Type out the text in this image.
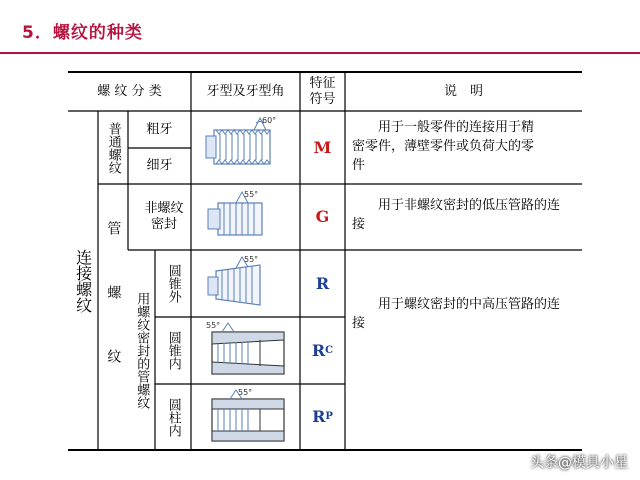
5．螺纹的种类
螺 纹 分 类	牙型及牙型角
特征符号
说　明
连接螺纹
普通螺纹	粗牙
细牙
管螺纹
非螺纹密封
用螺纹密封的管螺纹
圆锥外
圆锥内
圆柱内
60°
55°
55°
55°
55°
M
G
R
R C
R P
用于一般零件的连接用于精密零件，薄壁零件或负荷大的零件
用于非螺纹密封的低压管路的连接
用于螺纹密封的中高压管路的连接
头条@模具小星
